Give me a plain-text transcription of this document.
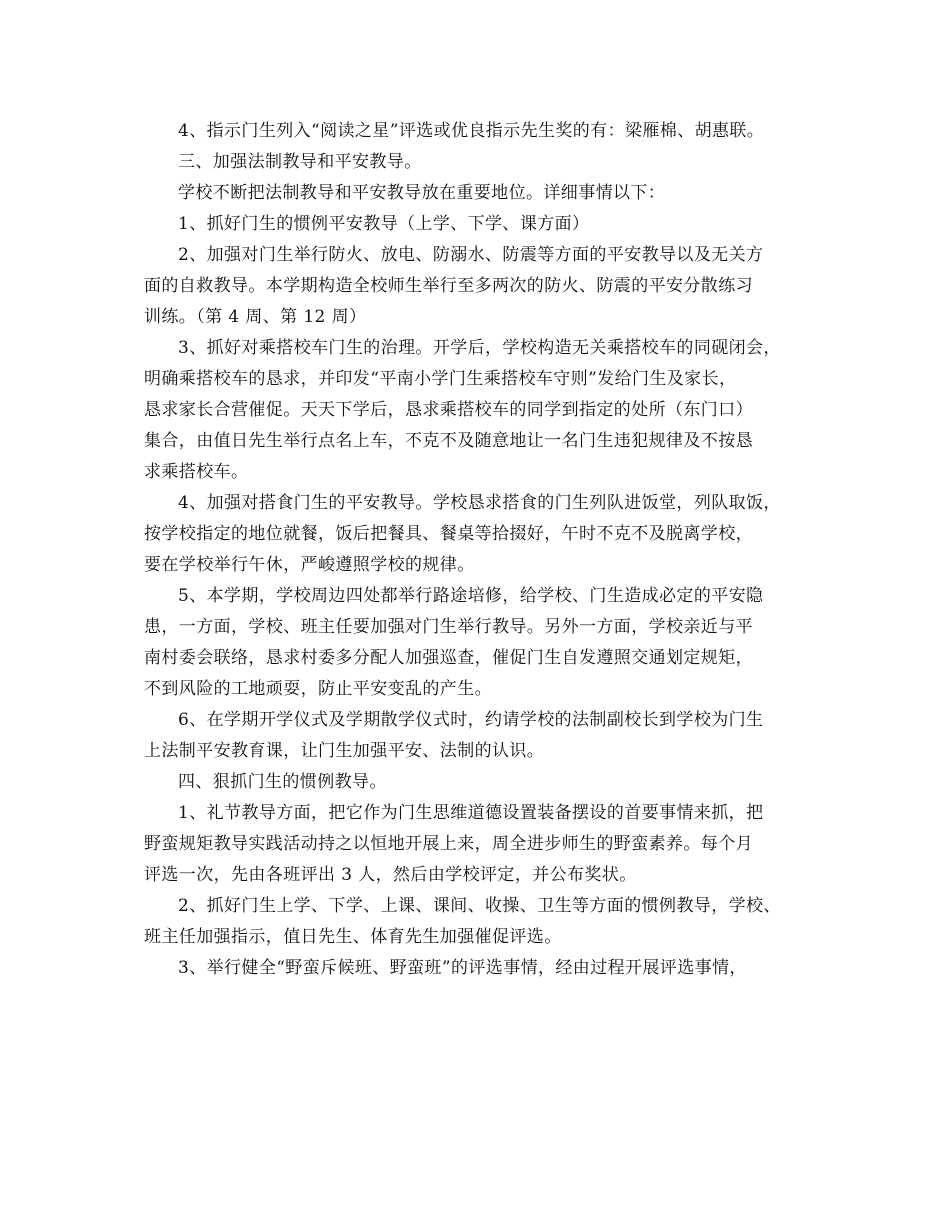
4、指示门生列入“阅读之星”评选或优良指示先生奖的有：梁雁棉、胡惠联。
三、加强法制教导和平安教导。
学校不断把法制教导和平安教导放在重要地位。详细事情以下：
1、抓好门生的惯例平安教导（上学、下学、课方面）
2、加强对门生举行防火、放电、防溺水、防震等方面的平安教导以及无关方
面的自救教导。本学期构造全校师生举行至多两次的防火、防震的平安分散练习
训练。（第 4 周、第 12 周）
3、抓好对乘搭校车门生的治理。开学后，学校构造无关乘搭校车的同砚闭会，
明确乘搭校车的恳求，并印发“平南小学门生乘搭校车守则”发给门生及家长，
恳求家长合营催促。天天下学后，恳求乘搭校车的同学到指定的处所（东门口）
集合，由值日先生举行点名上车，不克不及随意地让一名门生违犯规律及不按恳
求乘搭校车。
4、加强对搭食门生的平安教导。学校恳求搭食的门生列队进饭堂，列队取饭，
按学校指定的地位就餐，饭后把餐具、餐桌等拾掇好，午时不克不及脱离学校，
要在学校举行午休，严峻遵照学校的规律。
5、本学期，学校周边四处都举行路途培修，给学校、门生造成必定的平安隐
患，一方面，学校、班主任要加强对门生举行教导。另外一方面，学校亲近与平
南村委会联络，恳求村委多分配人加强巡查，催促门生自发遵照交通划定规矩，
不到风险的工地顽耍，防止平安变乱的产生。
6、在学期开学仪式及学期散学仪式时，约请学校的法制副校长到学校为门生
上法制平安教育课，让门生加强平安、法制的认识。
四、狠抓门生的惯例教导。
1、礼节教导方面，把它作为门生思维道德设置装备摆设的首要事情来抓，把
野蛮规矩教导实践活动持之以恒地开展上来，周全进步师生的野蛮素养。每个月
评选一次，先由各班评出 3 人，然后由学校评定，并公布奖状。
2、抓好门生上学、下学、上课、课间、收操、卫生等方面的惯例教导，学校、
班主任加强指示，值日先生、体育先生加强催促评选。
3、举行健全“野蛮斥候班、野蛮班”的评选事情，经由过程开展评选事情，
